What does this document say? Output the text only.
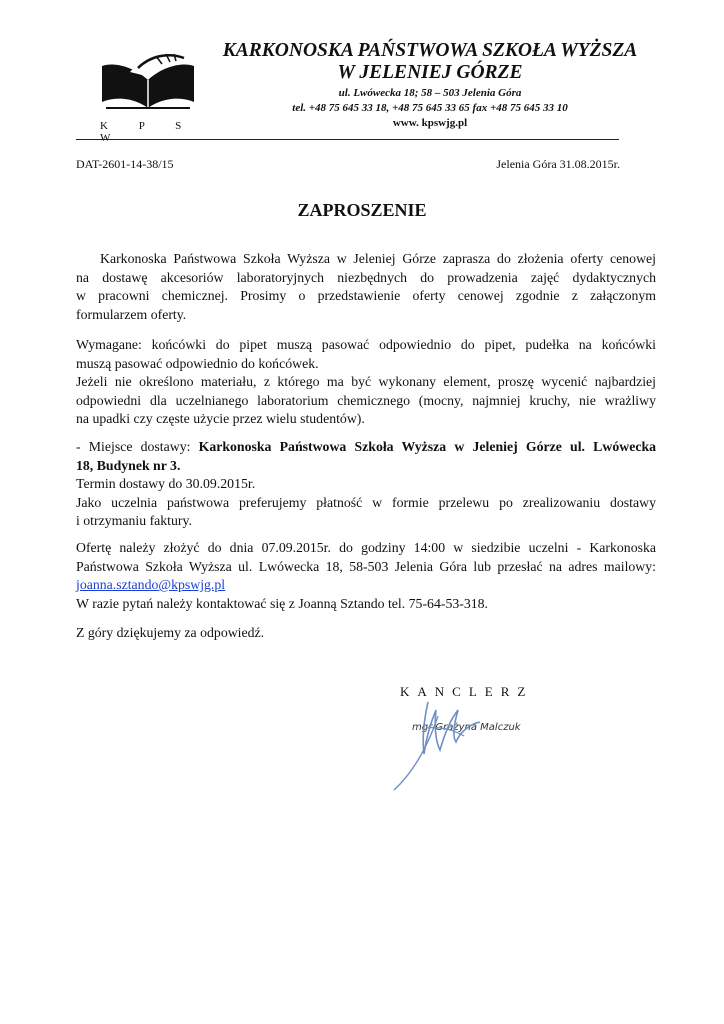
K P S W
KARKONOSKA PAŃSTWOWA SZKOŁA WYŻSZA
W JELENIEJ GÓRZE
ul. Lwówecka 18; 58 – 503 Jelenia Góra
tel. +48 75 645 33 18, +48 75 645 33 65 fax +48 75 645 33 10
www. kpswjg.pl
DAT-2601-14-38/15	Jelenia Góra 31.08.2015r.
ZAPROSZENIE
Karkonoska Państwowa Szkoła Wyższa w Jeleniej Górze zaprasza do złożenia oferty cenowej
na dostawę akcesoriów laboratoryjnych niezbędnych do prowadzenia zajęć dydaktycznych
w pracowni chemicznej. Prosimy o przedstawienie oferty cenowej zgodnie z załączonym
formularzem oferty.
Wymagane: końcówki do pipet muszą pasować odpowiednio do pipet, pudełka na końcówki
muszą pasować odpowiednio do końcówek.
Jeżeli nie określono materiału, z którego ma być wykonany element, proszę wycenić najbardziej
odpowiedni dla uczelnianego laboratorium chemicznego (mocny, najmniej kruchy, nie wrażliwy
na upadki czy częste użycie przez wielu studentów).
- Miejsce dostawy: Karkonoska Państwowa Szkoła Wyższa w Jeleniej Górze ul. Lwówecka
18, Budynek nr 3.
Termin dostawy do 30.09.2015r.
Jako uczelnia państwowa preferujemy płatność w formie przelewu po zrealizowaniu dostawy
i otrzymaniu faktury.
Ofertę należy złożyć do dnia 07.09.2015r. do godziny 14:00 w siedzibie uczelni - Karkonoska
Państwowa Szkoła Wyższa ul. Lwówecka 18, 58-503 Jelenia Góra lub przesłać na adres mailowy:
joanna.sztando@kpswjg.pl
W razie pytań należy kontaktować się z Joanną Sztando tel. 75-64-53-318.
Z góry dziękujemy za odpowiedź.
KANCLERZ
mgr Grażyna Malczuk
